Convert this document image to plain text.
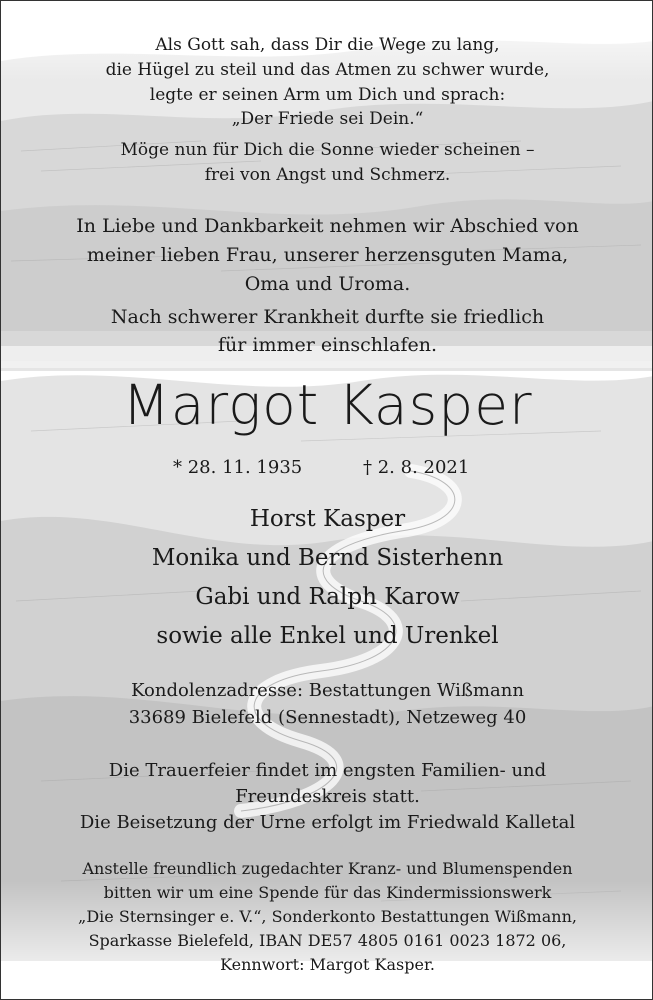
Als Gott sah, dass Dir die Wege zu lang,
die Hügel zu steil und das Atmen zu schwer wurde,
legte er seinen Arm um Dich und sprach:
„Der Friede sei Dein.“
Möge nun für Dich die Sonne wieder scheinen –
frei von Angst und Schmerz.
In Liebe und Dankbarkeit nehmen wir Abschied von
meiner lieben Frau, unserer herzensguten Mama,
Oma und Uroma.
Nach schwerer Krankheit durfte sie friedlich
für immer einschlafen.
Margot Kasper
* 28. 11. 1935	† 2. 8. 2021
Horst Kasper
Monika und Bernd Sisterhenn
Gabi und Ralph Karow
sowie alle Enkel und Urenkel
Kondolenzadresse: Bestattungen Wißmann
33689 Bielefeld (Sennestadt), Netzeweg 40
Die Trauerfeier findet im engsten Familien- und
Freundeskreis statt.
Die Beisetzung der Urne erfolgt im Friedwald Kalletal
Anstelle freundlich zugedachter Kranz- und Blumenspenden
bitten wir um eine Spende für das Kindermissionswerk
„Die Sternsinger e. V.“, Sonderkonto Bestattungen Wißmann,
Sparkasse Bielefeld, IBAN DE57 4805 0161 0023 1872 06,
Kennwort: Margot Kasper.
